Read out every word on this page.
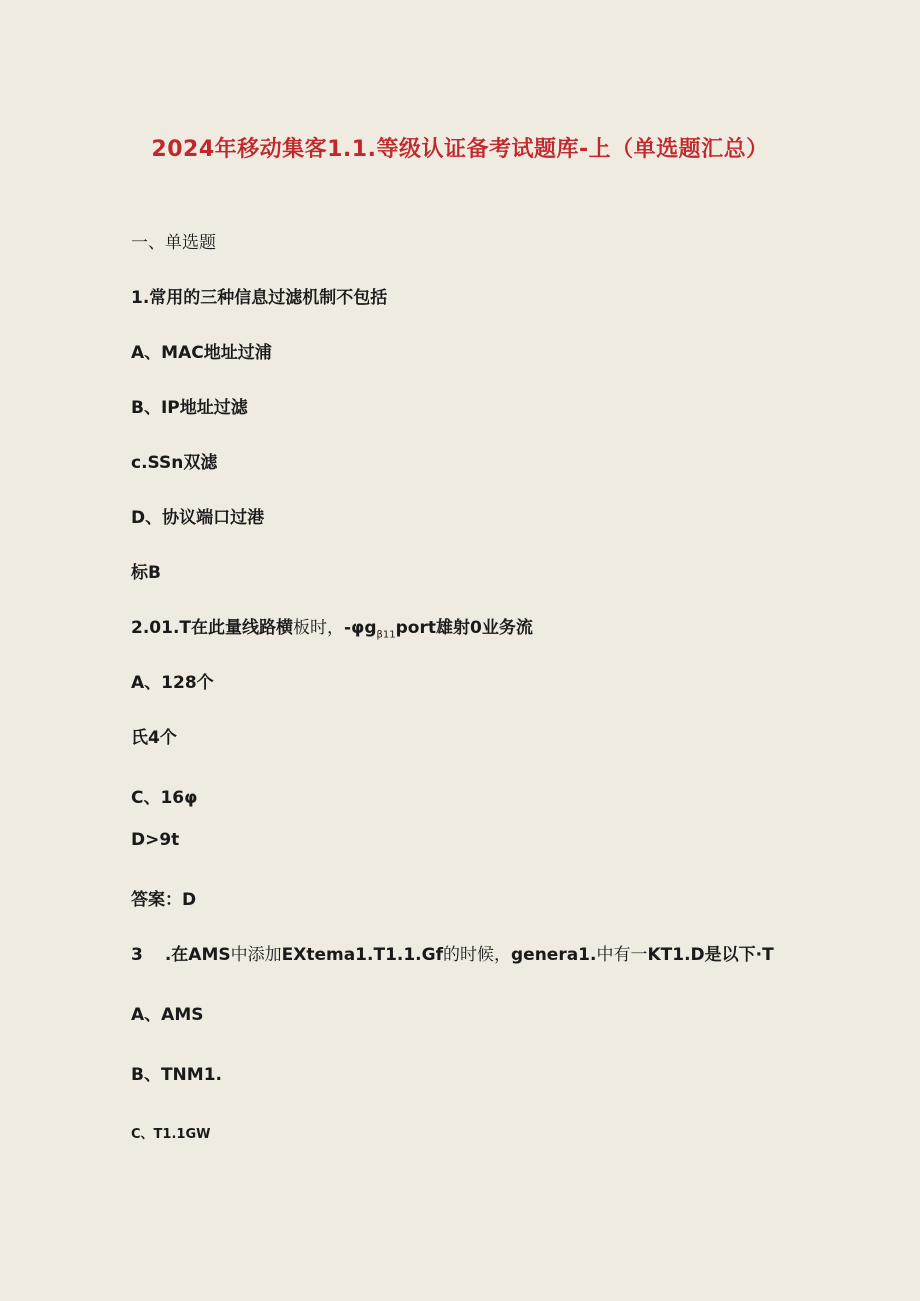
2024年移动集客1.1.等级认证备考试题库-上（单选题汇总）
一、单选题
1.常用的三种信息过滤机制不包括
A、MAC地址过浦
B、IP地址过滤
c.SSn双滤
D、协议端口过港
标B
2.01.T在此量线路横板时，$-\varphi g_{\beta 11}port$雄射0业务流
A、128个
氏4个
C、16φ
D>9t
答案：D
3 .在AMS中添加EXtema1.T1.1.Gf的时候，genera1.中有一KT1.D是以下·T
A、AMS
B、TNM1.
C、T1.1GW
